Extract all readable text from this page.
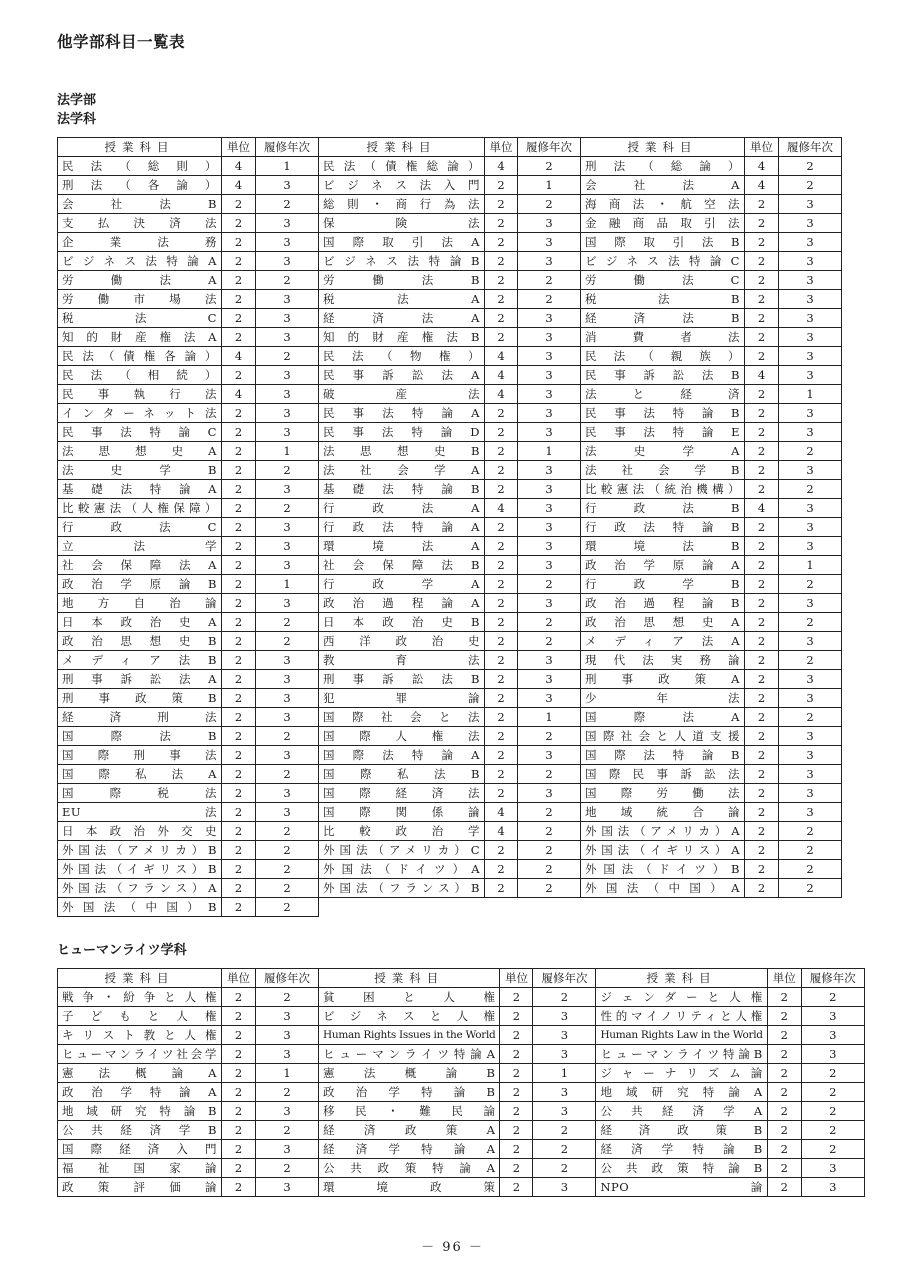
他学部科目一覧表
法学部
法学科
授業科目	単位	履修年次	授業科目	単位	履修年次	授業科目	単位	履修年次
民法（総則）	4	1	民法（債権総論）	4	2	刑法（総論）	4	2
刑法（各論）	4	3	ビジネス法入門	2	1	会社法A	4	2
会社法B	2	2	総則・商行為法	2	2	海商法・航空法	2	3
支払決済法	2	3	保険法	2	3	金融商品取引法	2	3
企業法務	2	3	国際取引法A	2	3	国際取引法B	2	3
ビジネス法特論A	2	3	ビジネス法特論B	2	3	ビジネス法特論C	2	3
労働法A	2	2	労働法B	2	2	労働法C	2	3
労働市場法	2	3	税法A	2	2	税法B	2	3
税法C	2	3	経済法A	2	3	経済法B	2	3
知的財産権法A	2	3	知的財産権法B	2	3	消費者法	2	3
民法（債権各論）	4	2	民法（物権）	4	3	民法（親族）	2	3
民法（相続）	2	3	民事訴訟法A	4	3	民事訴訟法B	4	3
民事執行法	4	3	破産法	4	3	法と経済	2	1
インターネット法	2	3	民事法特論A	2	3	民事法特論B	2	3
民事法特論C	2	3	民事法特論D	2	3	民事法特論E	2	3
法思想史A	2	1	法思想史B	2	1	法史学A	2	2
法史学B	2	2	法社会学A	2	3	法社会学B	2	3
基礎法特論A	2	3	基礎法特論B	2	3	比較憲法（統治機構）	2	2
比較憲法（人権保障）	2	2	行政法A	4	3	行政法B	4	3
行政法C	2	3	行政法特論A	2	3	行政法特論B	2	3
立法学	2	3	環境法A	2	3	環境法B	2	3
社会保障法A	2	3	社会保障法B	2	3	政治学原論A	2	1
政治学原論B	2	1	行政学A	2	2	行政学B	2	2
地方自治論	2	3	政治過程論A	2	3	政治過程論B	2	3
日本政治史A	2	2	日本政治史B	2	2	政治思想史A	2	2
政治思想史B	2	2	西洋政治史	2	2	メディア法A	2	3
メディア法B	2	3	教育法	2	3	現代法実務論	2	2
刑事訴訟法A	2	3	刑事訴訟法B	2	3	刑事政策A	2	3
刑事政策B	2	3	犯罪論	2	3	少年法	2	3
経済刑法	2	3	国際社会と法	2	1	国際法A	2	2
国際法B	2	2	国際人権法	2	2	国際社会と人道支援	2	3
国際刑事法	2	3	国際法特論A	2	3	国際法特論B	2	3
国際私法A	2	2	国際私法B	2	2	国際民事訴訟法	2	3
国際税法	2	3	国際経済法	2	3	国際労働法	2	3
EU法	2	3	国際関係論	4	2	地域統合論	2	3
日本政治外交史	2	2	比較政治学	4	2	外国法（アメリカ）A	2	2
外国法（アメリカ）B	2	2	外国法（アメリカ）C	2	2	外国法（イギリス）A	2	2
外国法（イギリス）B	2	2	外国法（ドイツ）A	2	2	外国法（ドイツ）B	2	2
外国法（フランス）A	2	2	外国法（フランス）B	2	2	外国法（中国）A	2	2
外国法（中国）B	2	2						
ヒューマンライツ学科
授業科目	単位	履修年次	授業科目	単位	履修年次	授業科目	単位	履修年次
戦争・紛争と人権	2	2	貧困と人権	2	2	ジェンダーと人権	2	2
子どもと人権	2	3	ビジネスと人権	2	3	性的マイノリティと人権	2	3
キリスト教と人権	2	3	Human Rights Issues in the World	2	3	Human Rights Law in the World	2	3
ヒューマンライツ社会学	2	3	ヒューマンライツ特論A	2	3	ヒューマンライツ特論B	2	3
憲法概論A	2	1	憲法概論B	2	1	ジャーナリズム論	2	2
政治学特論A	2	2	政治学特論B	2	3	地域研究特論A	2	2
地域研究特論B	2	3	移民・難民論	2	3	公共経済学A	2	2
公共経済学B	2	2	経済政策A	2	2	経済政策B	2	2
国際経済入門	2	3	経済学特論A	2	2	経済学特論B	2	2
福祉国家論	2	2	公共政策特論A	2	2	公共政策特論B	2	3
政策評価論	2	3	環境政策	2	3	NPO論	2	3
－ 96 －
